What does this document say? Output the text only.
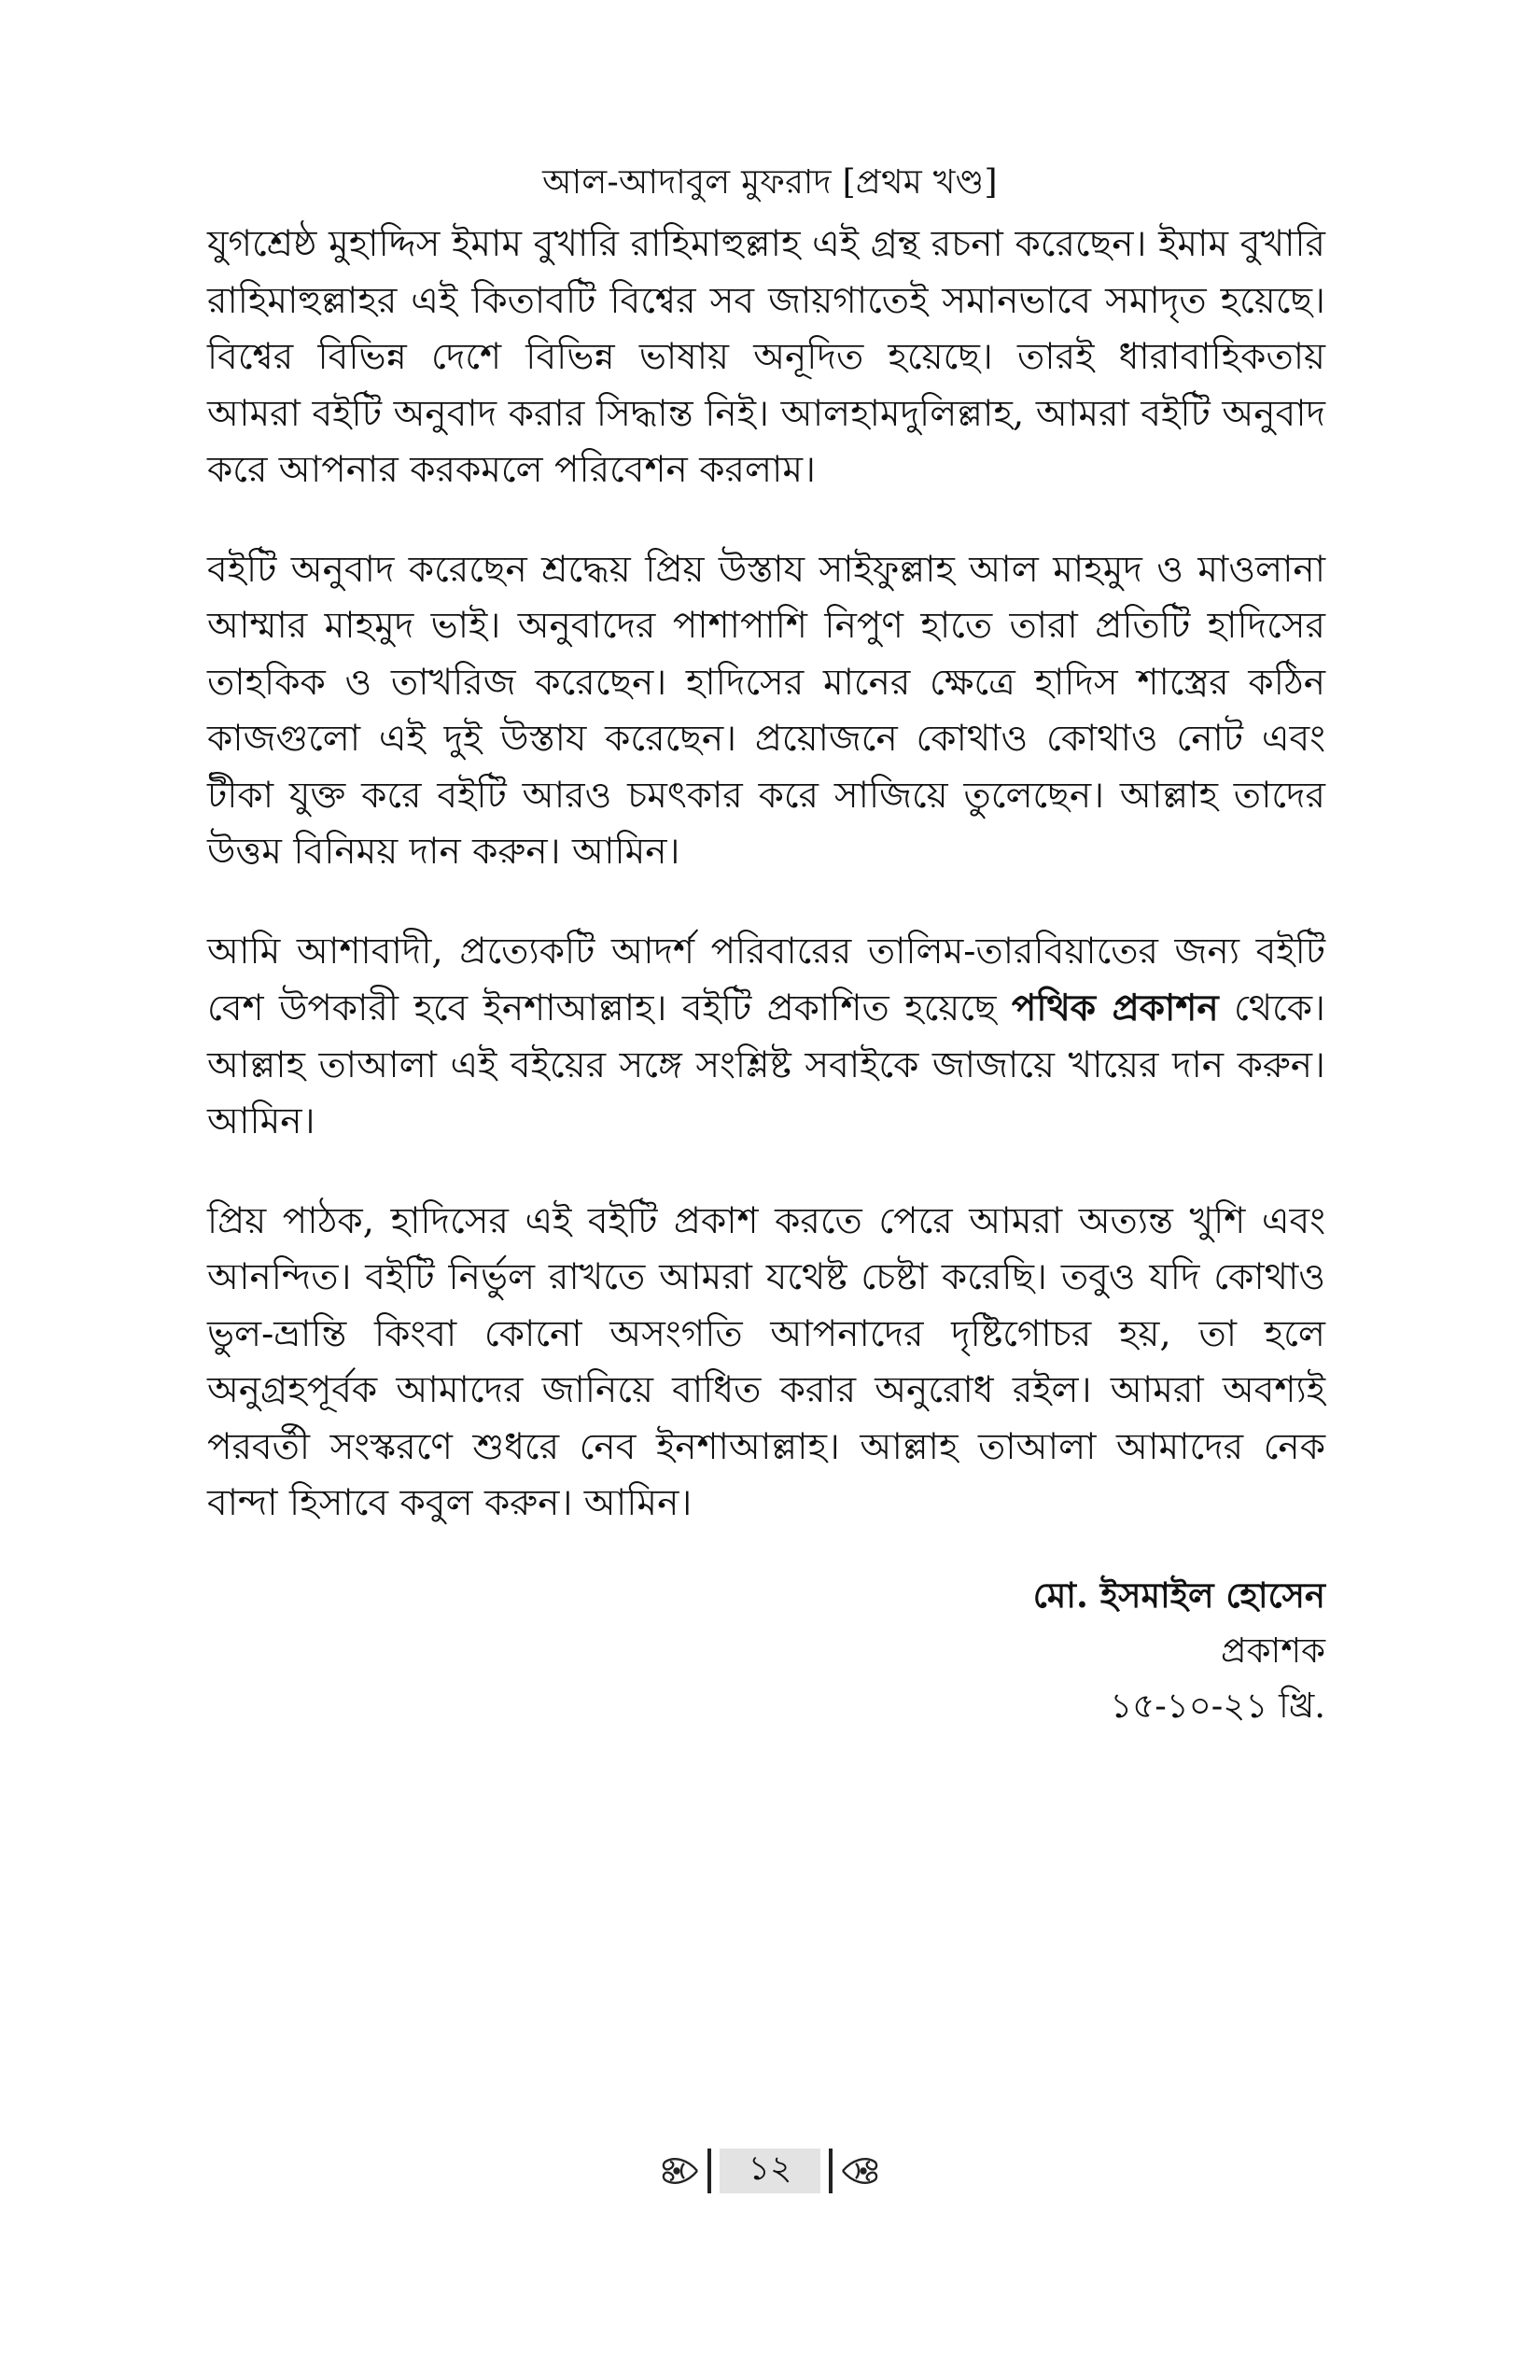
আল-আদাবুল মুফরাদ [প্রথম খণ্ড]

যুগশ্রেষ্ঠ মুহাদ্দিস ইমাম বুখারি রাহিমাহুল্লাহ এই গ্রন্থ রচনা করেছেন। ইমাম বুখারি রাহিমাহুল্লাহর এই কিতাবটি বিশ্বের সব জায়গাতেই সমানভাবে সমাদৃত হয়েছে। বিশ্বের বিভিন্ন দেশে বিভিন্ন ভাষায় অনূদিত হয়েছে। তারই ধারাবাহিকতায় আমরা বইটি অনুবাদ করার সিদ্ধান্ত নিই। আলহামদুলিল্লাহ, আমরা বইটি অনুবাদ করে আপনার করকমলে পরিবেশন করলাম।

বইটি অনুবাদ করেছেন শ্রদ্ধেয় প্রিয় উস্তায সাইফুল্লাহ আল মাহমুদ ও মাওলানা আম্মার মাহমুদ ভাই। অনুবাদের পাশাপাশি নিপুণ হাতে তারা প্রতিটি হাদিসের তাহকিক ও তাখরিজ করেছেন। হাদিসের মানের ক্ষেত্রে হাদিস শাস্ত্রের কঠিন কাজগুলো এই দুই উস্তায করেছেন। প্রয়োজনে কোথাও কোথাও নোট এবং টীকা যুক্ত করে বইটি আরও চমৎকার করে সাজিয়ে তুলেছেন। আল্লাহ তাদের উত্তম বিনিময় দান করুন। আমিন।

আমি আশাবাদী, প্রত্যেকটি আদর্শ পরিবারের তালিম-তারবিয়াতের জন্য বইটি বেশ উপকারী হবে ইনশাআল্লাহ। বইটি প্রকাশিত হয়েছে পথিক প্রকাশন থেকে। আল্লাহ তাআলা এই বইয়ের সঙ্গে সংশ্লিষ্ট সবাইকে জাজায়ে খায়ের দান করুন। আমিন।

প্রিয় পাঠক, হাদিসের এই বইটি প্রকাশ করতে পেরে আমরা অত্যন্ত খুশি এবং আনন্দিত। বইটি নির্ভুল রাখতে আমরা যথেষ্ট চেষ্টা করেছি। তবুও যদি কোথাও ভুল-ভ্রান্তি কিংবা কোনো অসংগতি আপনাদের দৃষ্টিগোচর হয়, তা হলে অনুগ্রহপূর্বক আমাদের জানিয়ে বাধিত করার অনুরোধ রইল। আমরা অবশ্যই পরবর্তী সংস্করণে শুধরে নেব ইনশাআল্লাহ। আল্লাহ তাআলা আমাদের নেক বান্দা হিসাবে কবুল করুন। আমিন।

মো. ইসমাইল হোসেন
প্রকাশক
১৫-১০-২১ খ্রি.
১২
